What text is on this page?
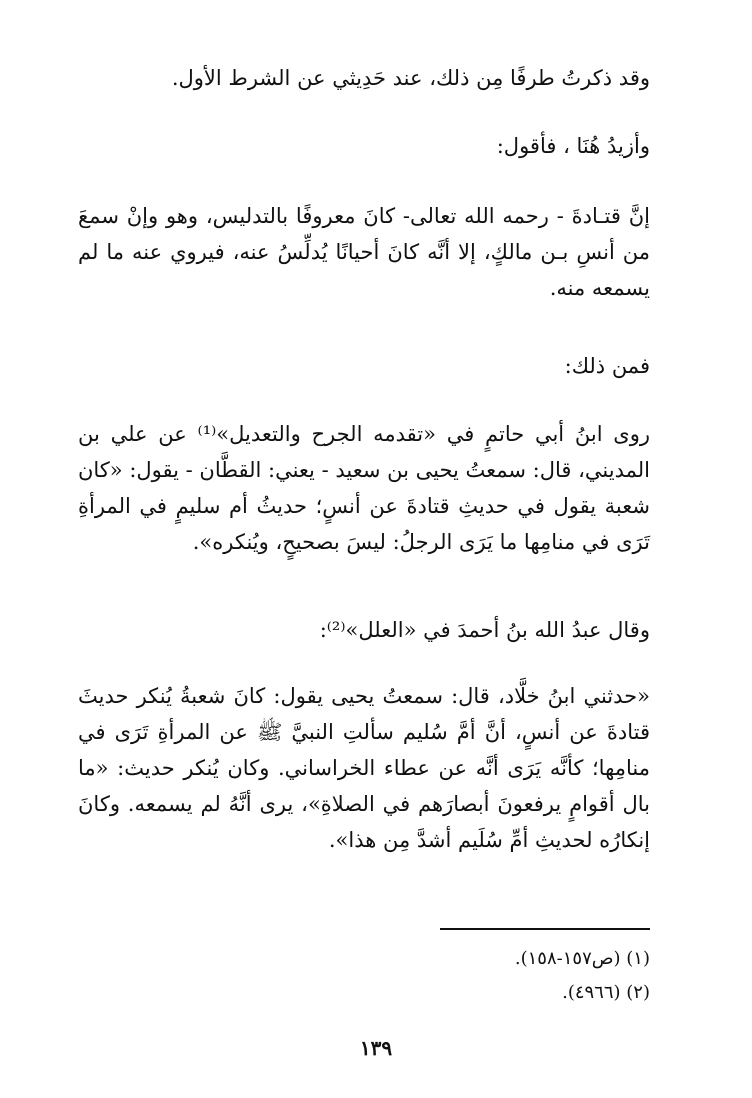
وقد ذكرتُ طرفًا مِن ذلك، عند حَدِيثي عن الشرط الأول.

وأزيدُ هُنَا ، فأقول:

إنَّ قتـادةَ - رحمه الله تعالى- كانَ معروفًا بالتدليس، وهو وإنْ سمعَ من أنسِ بـن مالكٍ، إلا أنَّه كانَ أحيانًا يُدلِّسُ عنه، فيروي عنه ما لم يسمعه منه.

فمن ذلك:

روى ابنُ أبي حاتمٍ في «تقدمه الجرح والتعديل»⁽¹⁾ عن علي بن المديني، قال: سمعتُ يحيى بن سعيد - يعني: القطَّان - يقول: «كان شعبة يقول في حديثِ قتادةَ عن أنسٍ؛ حديثُ أم سليمٍ في المرأةِ تَرَى في منامِها ما يَرَى الرجلُ: ليسَ بصحيحٍ، ويُنكره».

وقال عبدُ الله بنُ أحمدَ في «العلل»⁽²⁾:

«حدثني ابنُ خلَّاد، قال: سمعتُ يحيى يقول: كانَ شعبةُ يُنكر حديثَ قتادةَ عن أنسٍ، أنَّ أمَّ سُليم سألتِ النبيَّ ﷺ عن المرأةِ تَرَى في منامِها؛ كأنَّه يَرَى أنَّه عن عطاء الخراساني. وكان يُنكر حديث: «ما بال أقوامٍ يرفعونَ أبصارَهم في الصلاةِ»، يرى أنَّهُ لم يسمعه. وكانَ إنكارُه لحديثِ أمِّ سُلَيم أشدَّ مِن هذا».

(١) (ص١٥٧-١٥٨).

(٢) (٤٩٦٦).

١٣٩
